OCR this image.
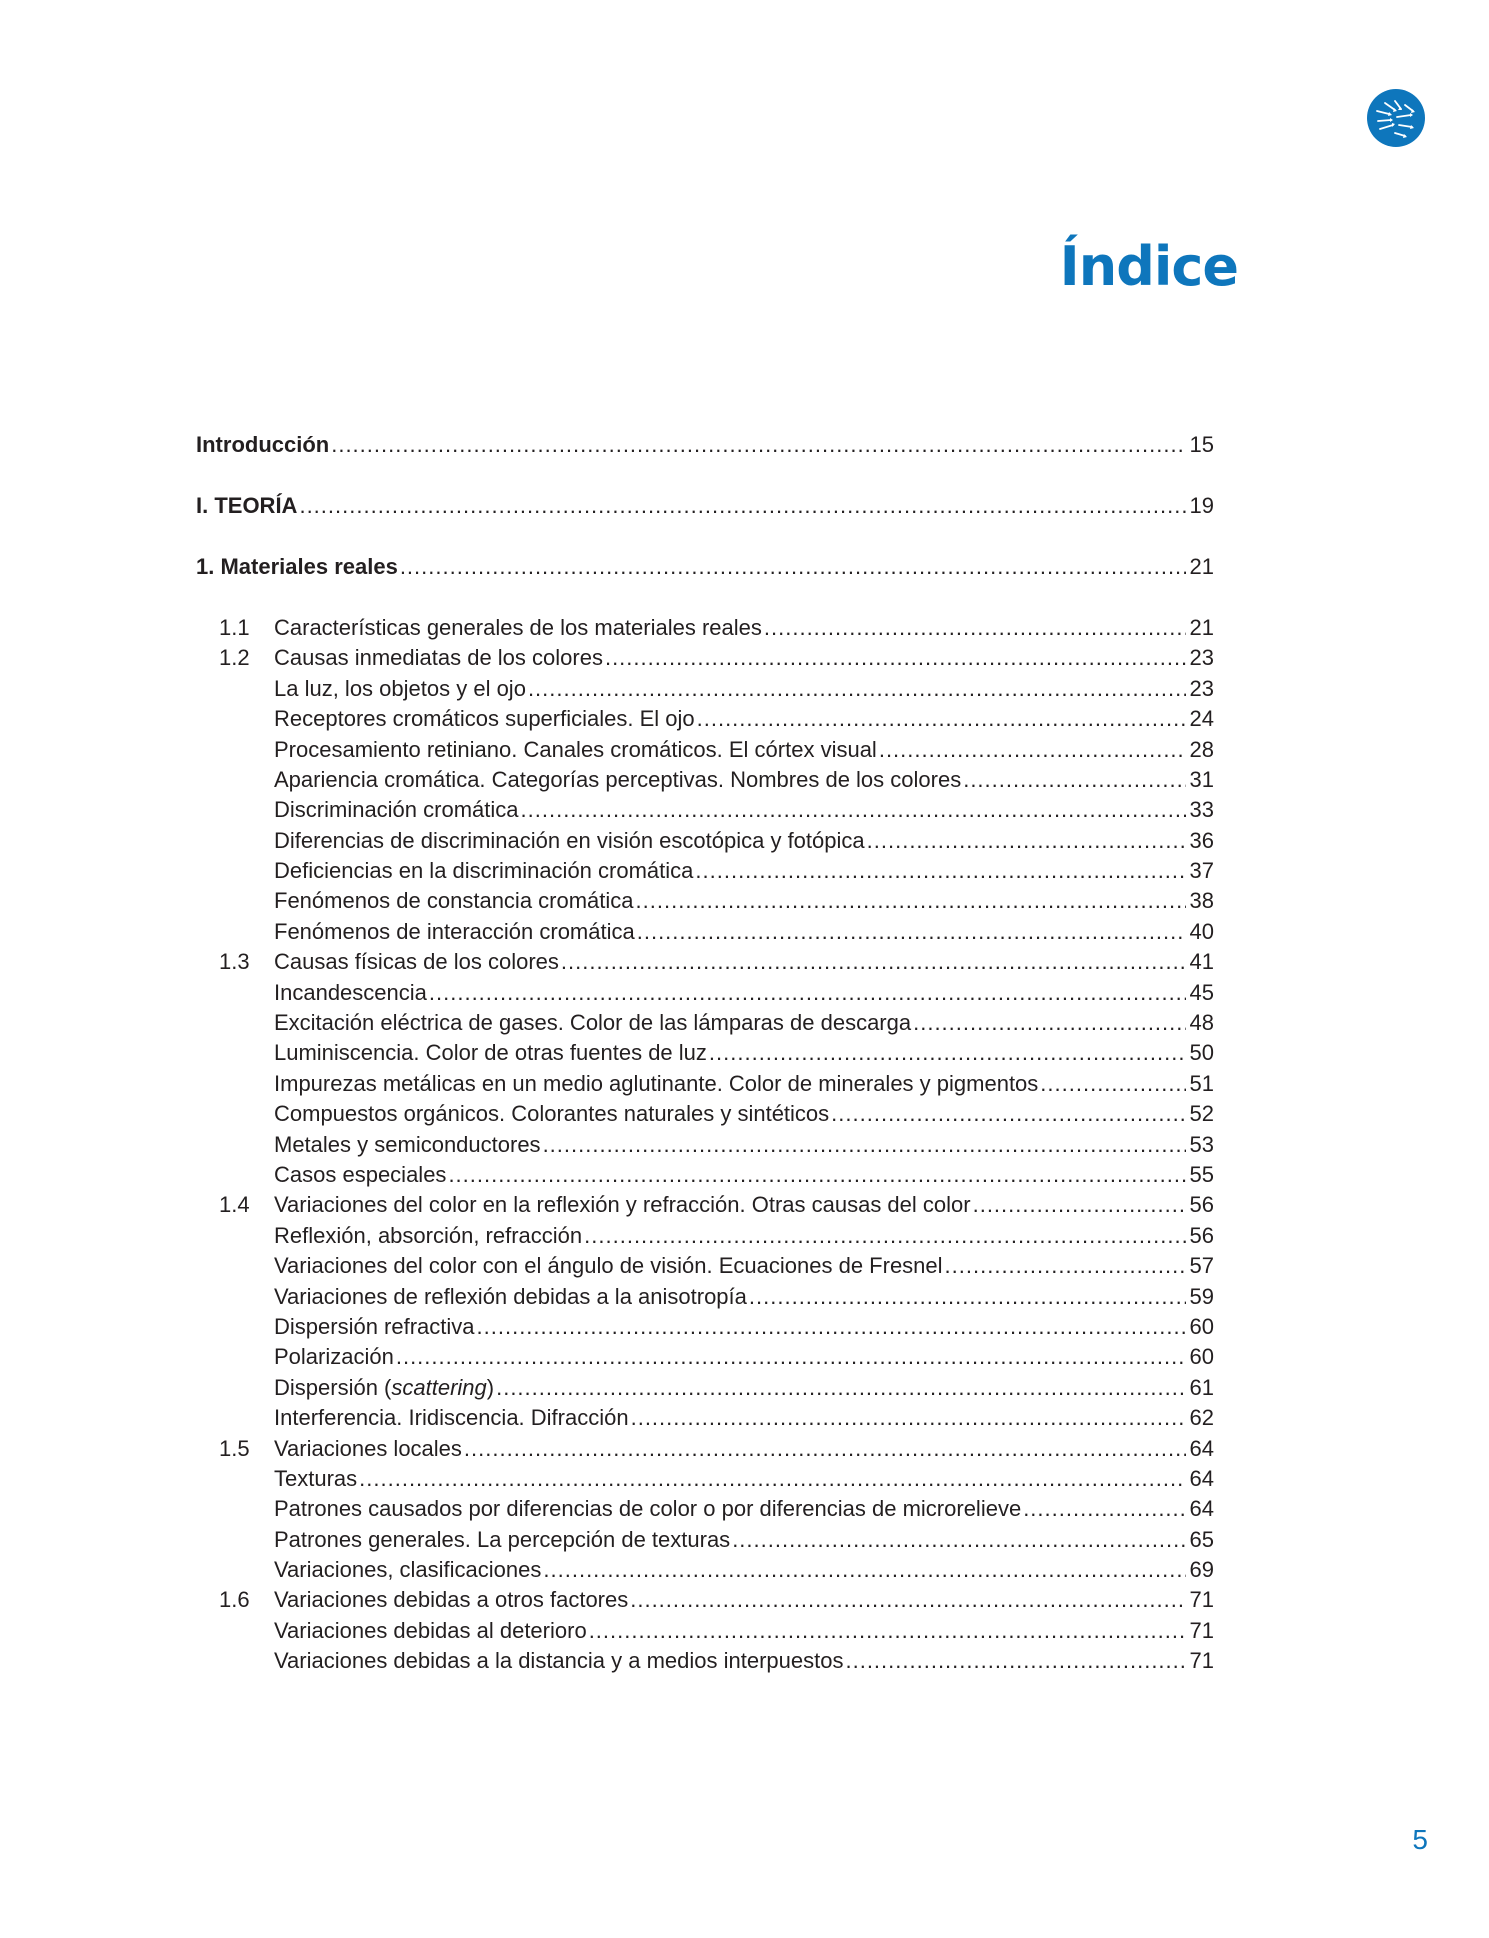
Índice
Introducción .....	15
I. TEORÍA .....	19
1. Materiales reales .....	21
1.1	Características generales de los materiales reales .....	21
1.2	Causas inmediatas de los colores .....	23
La luz, los objetos y el ojo .....	23
Receptores cromáticos superficiales. El ojo .....	24
Procesamiento retiniano. Canales cromáticos. El córtex visual .....	28
Apariencia cromática. Categorías perceptivas. Nombres de los colores .....	31
Discriminación cromática .....	33
Diferencias de discriminación en visión escotópica y fotópica .....	36
Deficiencias en la discriminación cromática .....	37
Fenómenos de constancia cromática .....	38
Fenómenos de interacción cromática .....	40
1.3	Causas físicas de los colores .....	41
Incandescencia .....	45
Excitación eléctrica de gases. Color de las lámparas de descarga .....	48
Luminiscencia. Color de otras fuentes de luz .....	50
Impurezas metálicas en un medio aglutinante. Color de minerales y pigmentos .....	51
Compuestos orgánicos. Colorantes naturales y sintéticos .....	52
Metales y semiconductores .....	53
Casos especiales .....	55
1.4	Variaciones del color en la reflexión y refracción. Otras causas del color .....	56
Reflexión, absorción, refracción .....	56
Variaciones del color con el ángulo de visión. Ecuaciones de Fresnel .....	57
Variaciones de reflexión debidas a la anisotropía .....	59
Dispersión refractiva .....	60
Polarización .....	60
Dispersión (scattering) .....	61
Interferencia. Iridiscencia. Difracción .....	62
1.5	Variaciones locales .....	64
Texturas .....	64
Patrones causados por diferencias de color o por diferencias de microrelieve .....	64
Patrones generales. La percepción de texturas .....	65
Variaciones, clasificaciones .....	69
1.6	Variaciones debidas a otros factores .....	71
Variaciones debidas al deterioro .....	71
Variaciones debidas a la distancia y a medios interpuestos .....	71
5
